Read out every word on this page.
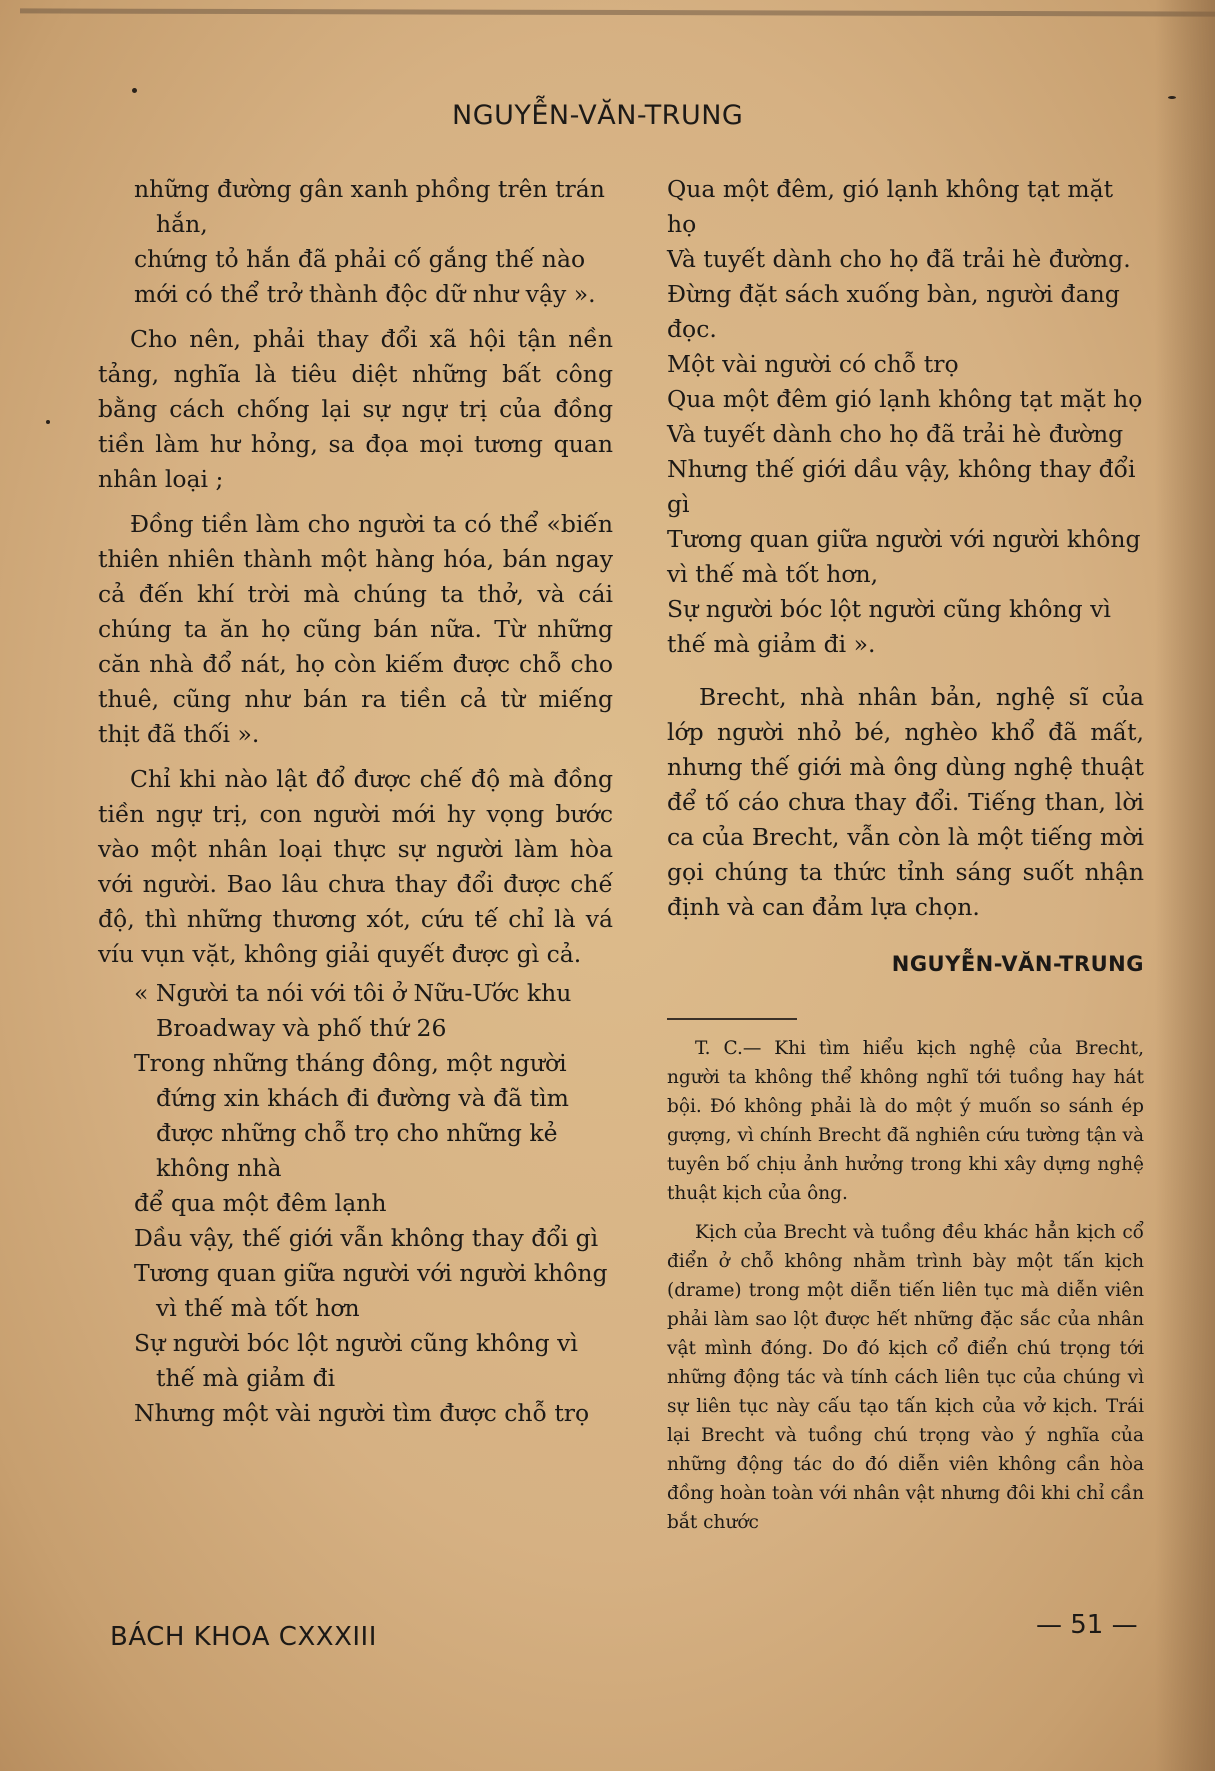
NGUYỄN-VĂN-TRUNG

những đường gân xanh phồng trên trán hắn,

chứng tỏ hắn đã phải cố gắng thế nào

mới có thể trở thành độc dữ như vậy ».

Cho nên, phải thay đổi xã hội tận nền tảng, nghĩa là tiêu diệt những bất công bằng cách chống lại sự ngự trị của đồng tiền làm hư hỏng, sa đọa mọi tương quan nhân loại ;

Đồng tiền làm cho người ta có thể «biến thiên nhiên thành một hàng hóa, bán ngay cả đến khí trời mà chúng ta thở, và cái chúng ta ăn họ cũng bán nữa. Từ những căn nhà đổ nát, họ còn kiếm được chỗ cho thuê, cũng như bán ra tiền cả từ miếng thịt đã thối ».

Chỉ khi nào lật đổ được chế độ mà đồng tiền ngự trị, con người mới hy vọng bước vào một nhân loại thực sự người làm hòa với người. Bao lâu chưa thay đổi được chế độ, thì những thương xót, cứu tế chỉ là vá víu vụn vặt, không giải quyết được gì cả.

« Người ta nói với tôi ở Nữu-Ước khu Broadway và phố thứ 26

Trong những tháng đông, một người đứng xin khách đi đường và đã tìm được những chỗ trọ cho những kẻ không nhà

để qua một đêm lạnh

Dầu vậy, thế giới vẫn không thay đổi gì

Tương quan giữa người với người không vì thế mà tốt hơn

Sự người bóc lột người cũng không vì thế mà giảm đi

Nhưng một vài người tìm được chỗ trọ

Qua một đêm, gió lạnh không tạt mặt họ

Và tuyết dành cho họ đã trải hè đường.

Đừng đặt sách xuống bàn, người đang đọc.

Một vài người có chỗ trọ

Qua một đêm gió lạnh không tạt mặt họ

Và tuyết dành cho họ đã trải hè đường

Nhưng thế giới dầu vậy, không thay đổi gì

Tương quan giữa người với người không vì thế mà tốt hơn,

Sự người bóc lột người cũng không vì thế mà giảm đi ».

Brecht, nhà nhân bản, nghệ sĩ của lớp người nhỏ bé, nghèo khổ đã mất, nhưng thế giới mà ông dùng nghệ thuật để tố cáo chưa thay đổi. Tiếng than, lời ca của Brecht, vẫn còn là một tiếng mời gọi chúng ta thức tỉnh sáng suốt nhận định và can đảm lựa chọn.

NGUYỄN-VĂN-TRUNG

T. C.— Khi tìm hiểu kịch nghệ của Brecht, người ta không thể không nghĩ tới tuồng hay hát bội. Đó không phải là do một ý muốn so sánh ép gượng, vì chính Brecht đã nghiên cứu tường tận và tuyên bố chịu ảnh hưởng trong khi xây dựng nghệ thuật kịch của ông.

Kịch của Brecht và tuồng đều khác hẳn kịch cổ điển ở chỗ không nhằm trình bày một tấn kịch (drame) trong một diễn tiến liên tục mà diễn viên phải làm sao lột được hết những đặc sắc của nhân vật mình đóng. Do đó kịch cổ điển chú trọng tới những động tác và tính cách liên tục của chúng vì sự liên tục này cấu tạo tấn kịch của vở kịch. Trái lại Brecht và tuồng chú trọng vào ý nghĩa của những động tác do đó diễn viên không cần hòa đồng hoàn toàn với nhân vật nhưng đôi khi chỉ cần bắt chước

BÁCH KHOA CXXXIII	— 51 —
